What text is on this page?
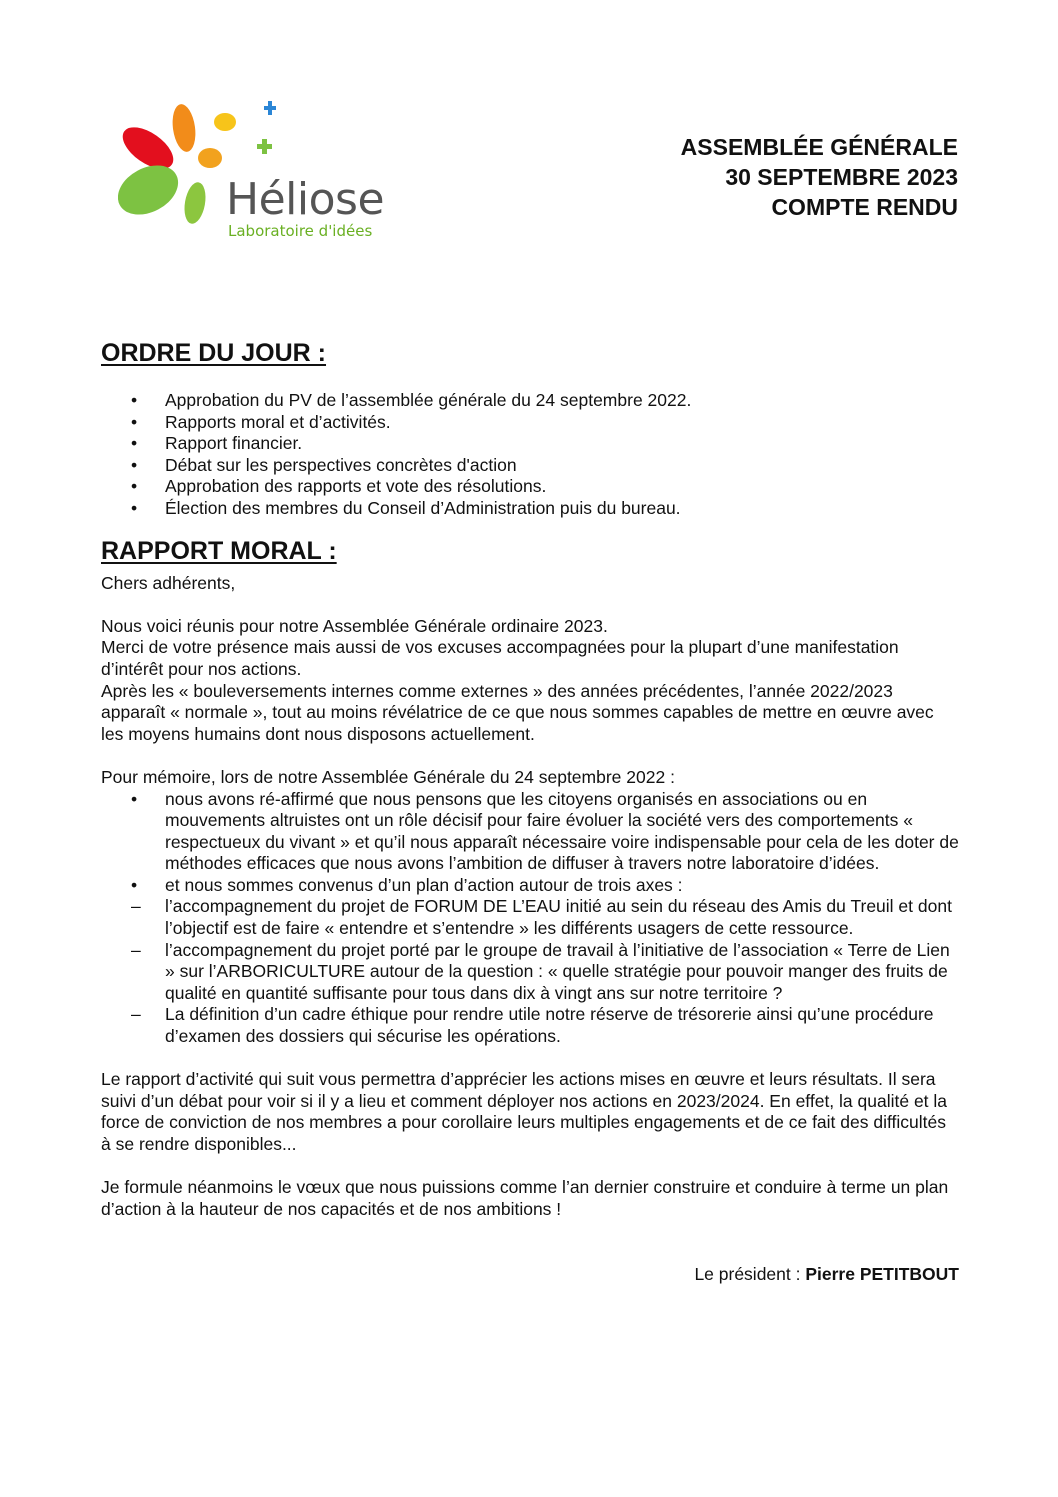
Héliose
Laboratoire d'idées
ASSEMBLÉE GÉNÉRALE
30 SEPTEMBRE 2023
COMPTE RENDU
ORDRE DU JOUR :
• Approbation du PV de l’assemblée générale du 24 septembre 2022.
• Rapports moral et d’activités.
• Rapport financier.
• Débat sur les perspectives concrètes d'action
• Approbation des rapports et vote des résolutions.
• Élection des membres du Conseil d’Administration puis du bureau.
RAPPORT MORAL :

Chers adhérents,

Nous voici réunis pour notre Assemblée Générale ordinaire 2023.

Merci de votre présence mais aussi de vos excuses accompagnées pour la plupart d’une manifestation d’intérêt pour nos actions.

Après les « bouleversements internes comme externes » des années précédentes, l’année 2022/2023 apparaît « normale », tout au moins révélatrice de ce que nous sommes capables de mettre en œuvre avec les moyens humains dont nous disposons actuellement.

Pour mémoire, lors de notre Assemblée Générale du 24 septembre 2022 :

• nous avons ré-affirmé que nous pensons que les citoyens organisés en associations ou en mouvements altruistes ont un rôle décisif pour faire évoluer la société vers des comportements « respectueux du vivant » et qu’il nous apparaît nécessaire voire indispensable pour cela de les doter de méthodes efficaces que nous avons l’ambition de diffuser à travers notre laboratoire d’idées.
• et nous sommes convenus d’un plan d’action autour de trois axes :
– l’accompagnement du projet de FORUM DE L’EAU initié au sein du réseau des Amis du Treuil et dont l’objectif est de faire « entendre et s’entendre » les différents usagers de cette ressource.
– l’accompagnement du projet porté par le groupe de travail à l’initiative de l’association « Terre de Lien » sur l’ARBORICULTURE autour de la question : « quelle stratégie pour pouvoir manger des fruits de qualité en quantité suffisante pour tous dans dix à vingt ans sur notre territoire ?
– La définition d’un cadre éthique pour rendre utile notre réserve de trésorerie ainsi qu’une procédure d’examen des dossiers qui sécurise les opérations.

Le rapport d’activité qui suit vous permettra d’apprécier les actions mises en œuvre et leurs résultats. Il sera suivi d’un débat pour voir si il y a lieu et comment déployer nos actions en 2023/2024. En effet, la qualité et la force de conviction de nos membres a pour corollaire leurs multiples engagements et de ce fait des difficultés à se rendre disponibles...

Je formule néanmoins le vœux que nous puissions comme l’an dernier construire et conduire à terme un plan d’action à la hauteur de nos capacités et de nos ambitions !

Le président : Pierre PETITBOUT
